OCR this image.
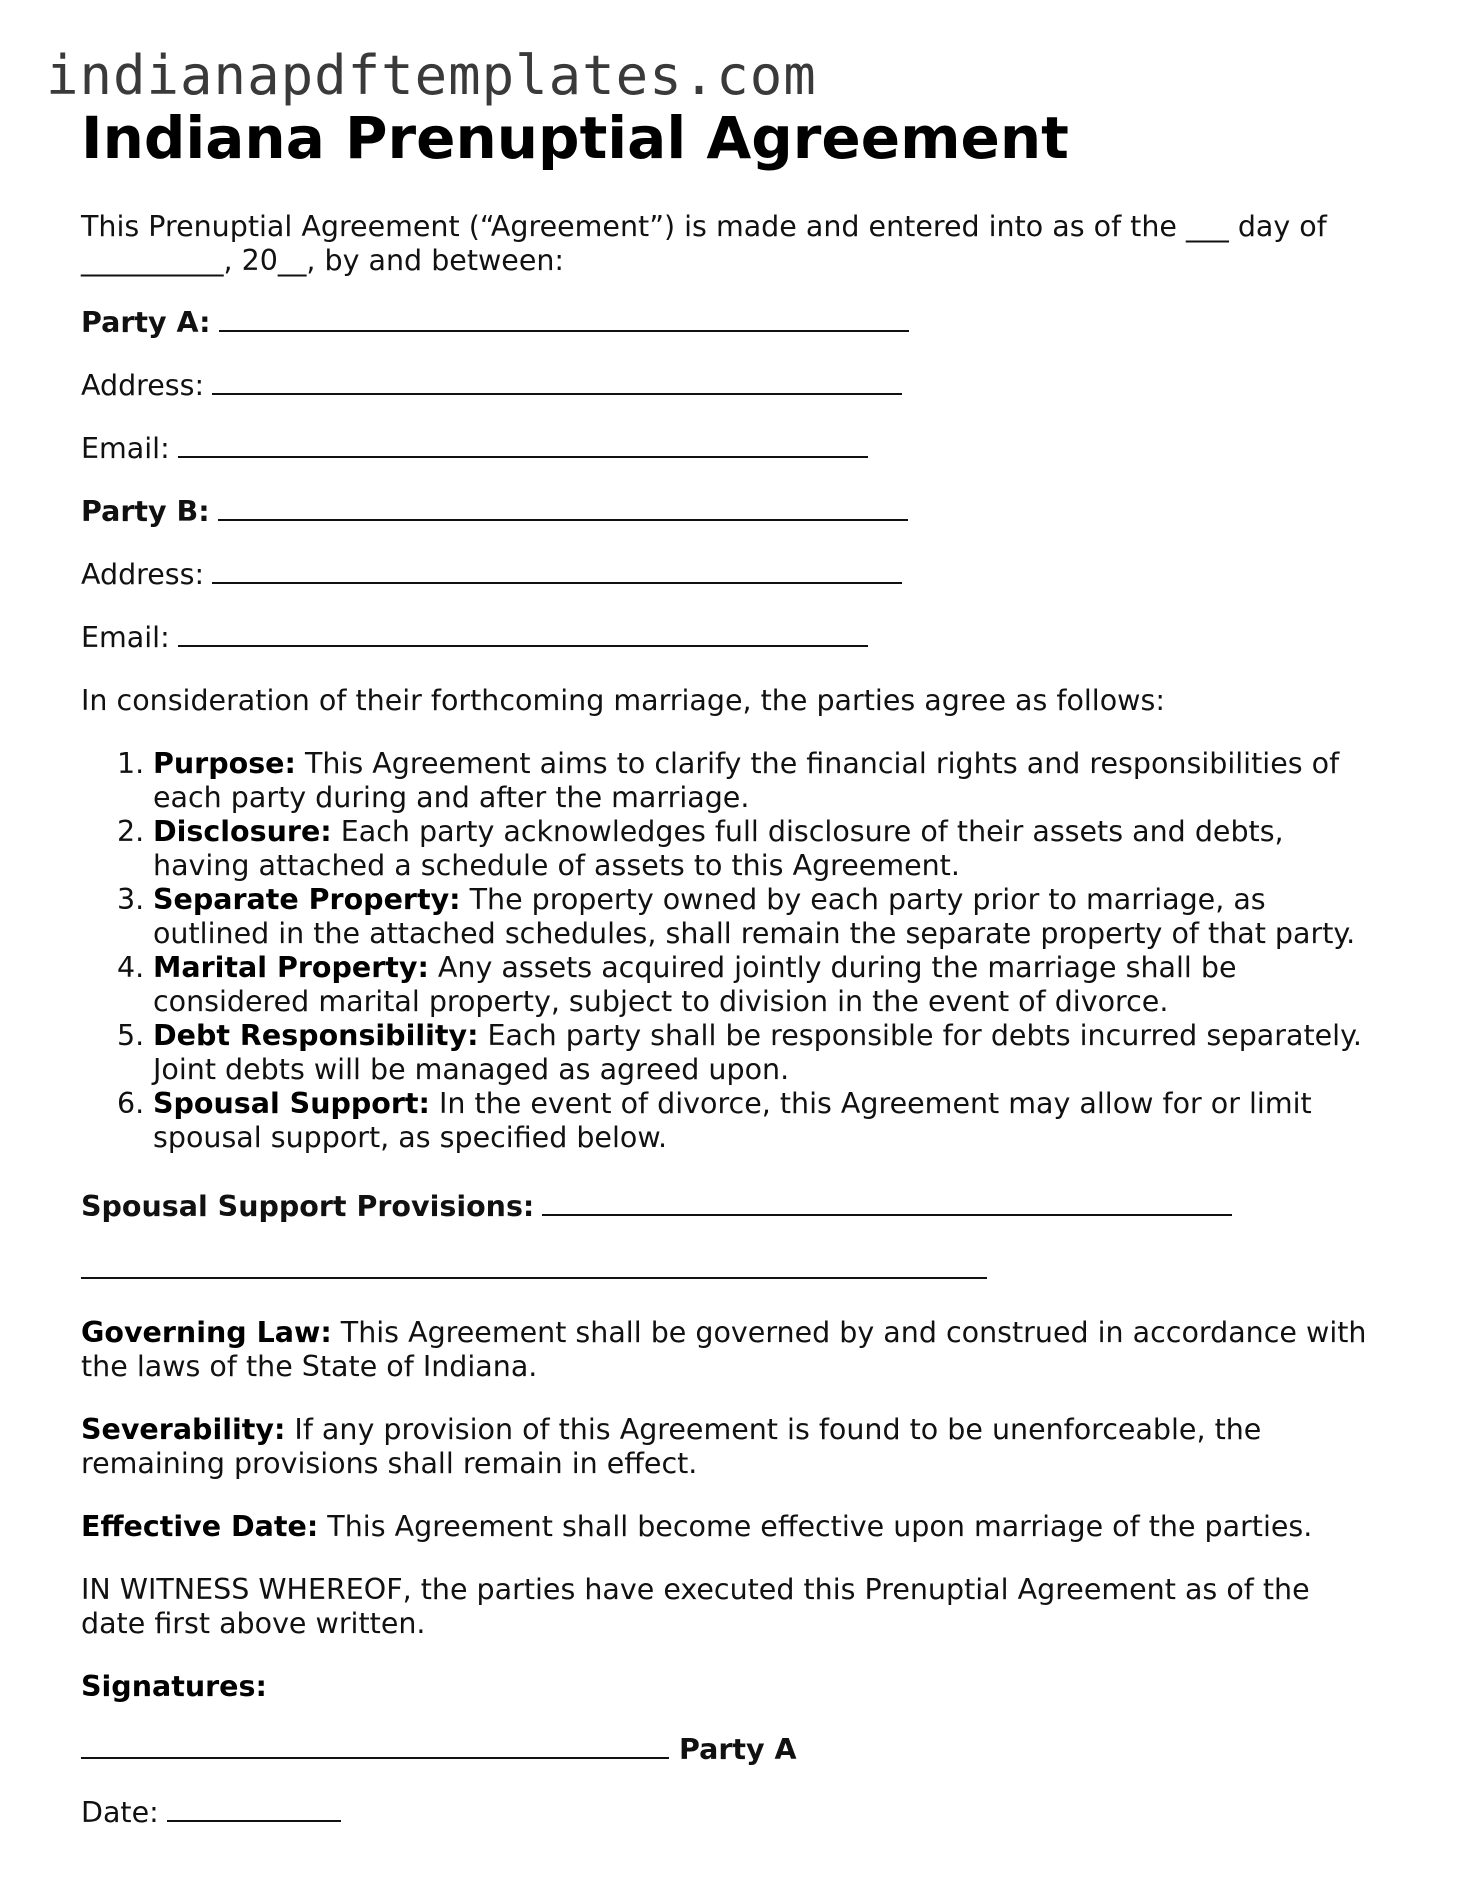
indianapdftemplates.com
Indiana Prenuptial Agreement

This Prenuptial Agreement (“Agreement”) is made and entered into as of the ___ day of
__________, 20__, by and between:

Party A:

Address:

Email:

Party B:

Address:

Email:

In consideration of their forthcoming marriage, the parties agree as follows:

1. Purpose: This Agreement aims to clarify the financial rights and responsibilities of
each party during and after the marriage.
2. Disclosure: Each party acknowledges full disclosure of their assets and debts,
having attached a schedule of assets to this Agreement.
3. Separate Property: The property owned by each party prior to marriage, as
outlined in the attached schedules, shall remain the separate property of that party.
4. Marital Property: Any assets acquired jointly during the marriage shall be
considered marital property, subject to division in the event of divorce.
5. Debt Responsibility: Each party shall be responsible for debts incurred separately.
Joint debts will be managed as agreed upon.
6. Spousal Support: In the event of divorce, this Agreement may allow for or limit
spousal support, as specified below.

Spousal Support Provisions:

Governing Law: This Agreement shall be governed by and construed in accordance with
the laws of the State of Indiana.

Severability: If any provision of this Agreement is found to be unenforceable, the
remaining provisions shall remain in effect.

Effective Date: This Agreement shall become effective upon marriage of the parties.

IN WITNESS WHEREOF, the parties have executed this Prenuptial Agreement as of the
date first above written.

Signatures:

Party A

Date:
